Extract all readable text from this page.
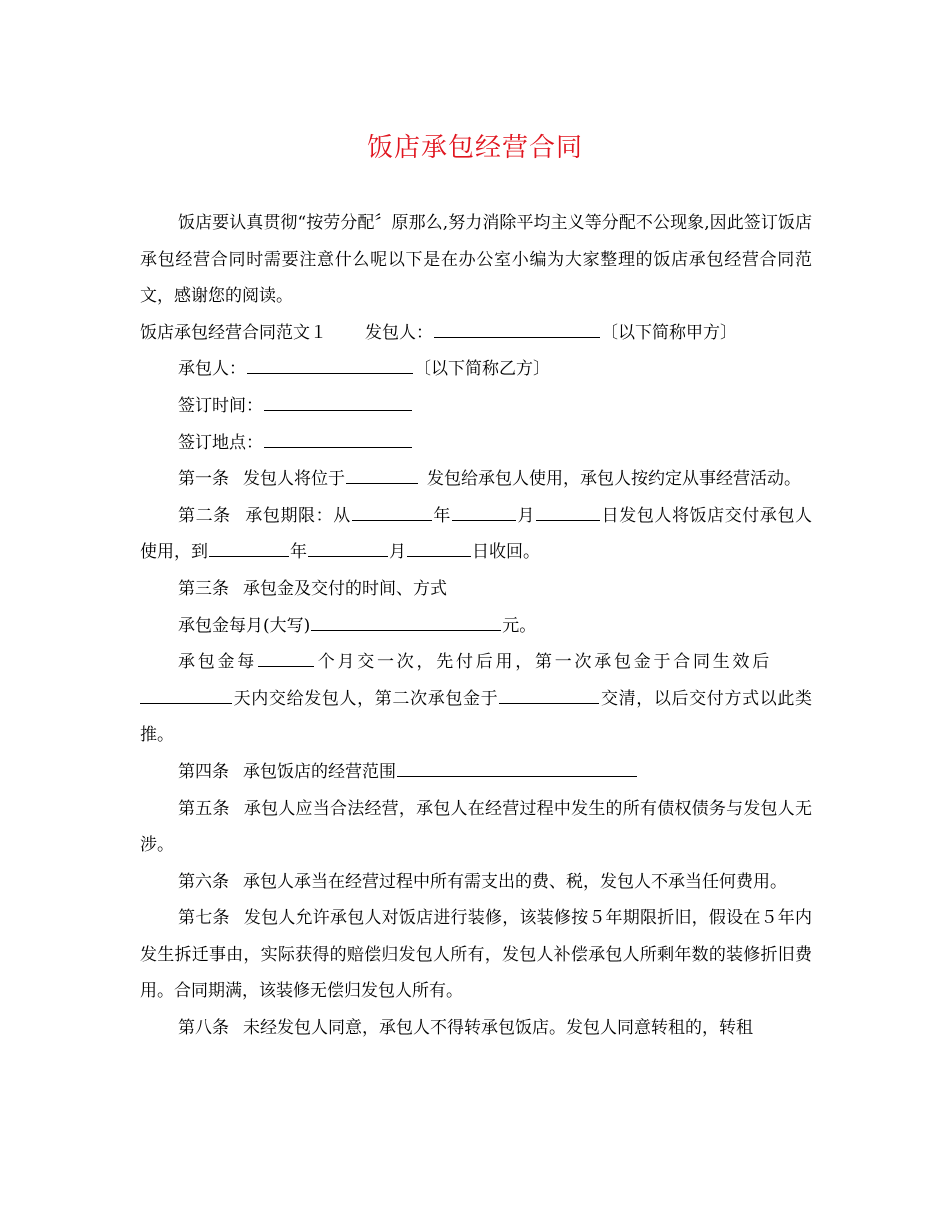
饭店承包经营合同

饭店要认真贯彻“按劳分配〞原那么,努力消除平均主义等分配不公现象,因此签订饭店承包经营合同时需要注意什么呢以下是在办公室小编为大家整理的饭店承包经营合同范文，感谢您的阅读。

饭店承包经营合同范文１ 发包人：	〔以下简称甲方〕

承包人：	〔以下简称乙方〕

签订时间：

签订地点：

第一条 发包人将位于	发包给承包人使用，承包人按约定从事经营活动。

第二条 承包期限：从	年	月	日发包人将饭店交付承包人使用，到	年	月	日收回。

第三条 承包金及交付的时间、方式

承包金每月(大写)	元。

承包金每	个月交一次，先付后用，第一次承包金于合同生效后天内交给发包人，第二次承包金于	交清，以后交付方式以此类推。

第四条 承包饭店的经营范围

第五条 承包人应当合法经营，承包人在经营过程中发生的所有债权债务与发包人无涉。

第六条 承包人承当在经营过程中所有需支出的费、税，发包人不承当任何费用。

第七条 发包人允许承包人对饭店进行装修，该装修按５年期限折旧，假设在５年内发生拆迁事由，实际获得的赔偿归发包人所有，发包人补偿承包人所剩年数的装修折旧费用。合同期满，该装修无偿归发包人所有。

第八条 未经发包人同意，承包人不得转承包饭店。发包人同意转租的，转租
